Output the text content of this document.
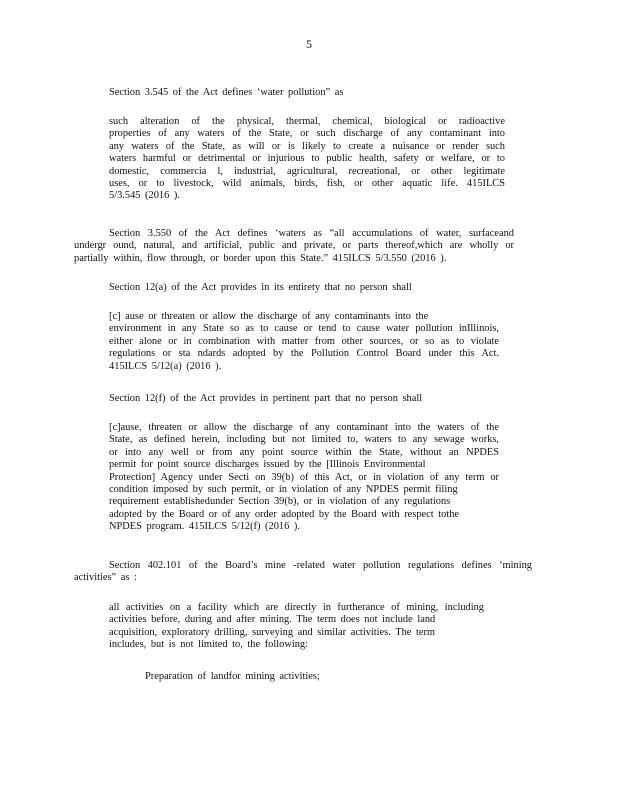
5
Section 3.545 of the Act defines ‘water pollution” as
such alteration of the physical, thermal, chemical, biological or radioactive
properties of any waters of the State, or such discharge of any contaminant into
any waters of the State, as will or is likely to create a nuisance or render such
waters harmful or detrimental or injurious to public health, safety or welfare, or to
domestic, commercia l, industrial, agricultural, recreational, or other legitimate
uses, or to livestock, wild animals, birds, fish, or other aquatic life. 415ILCS
5/3.545 (2016 ).
Section 3.550 of the Act defines ‘waters as “all accumulations of water, surfaceand
undergr ound, natural, and artificial, public and private, or parts thereof,which are wholly or
partially within, flow through, or border upon this State.” 415ILCS 5/3.550 (2016 ).
Section 12(a) of the Act provides in its entirety that no person shall
[c] ause or threaten or allow the discharge of any contaminants into the
environment in any State so as to cause or tend to cause water pollution inIllinois,
either alone or in combination with matter from other sources, or so as to violate
regulations or sta ndards adopted by the Pollution Control Board under this Act.
415ILCS 5/12(a) (2016 ).
Section 12(f) of the Act provides in pertinent part that no person shall
[c]ause, threaten or allow the discharge of any contaminant into the waters of the
State, as defined herein, including but not limited to, waters to any sewage works,
or into any well or from any point source within the State, without an NPDES
permit for point source discharges issued by the [Illinois Environmental
Protection] Agency under Secti on 39(b) of this Act, or in violation of any term or
condition imposed by such permit, or in violation of any NPDES permit filing
requirement establishedunder Section 39(b), or in violation of any regulations
adopted by the Board or of any order adopted by the Board with respect tothe
NPDES program. 415ILCS 5/12(f) (2016 ).
Section 402.101 of the Board’s mine -related water pollution regulations defines ‘mining
activities” as :
all activities on a facility which are directly in furtherance of mining, including
activities before, during and after mining. The term does not include land
acquisition, exploratory drilling, surveying and similar activities. The term
includes, but is not limited to, the following:
Preparation of landfor mining activities;
